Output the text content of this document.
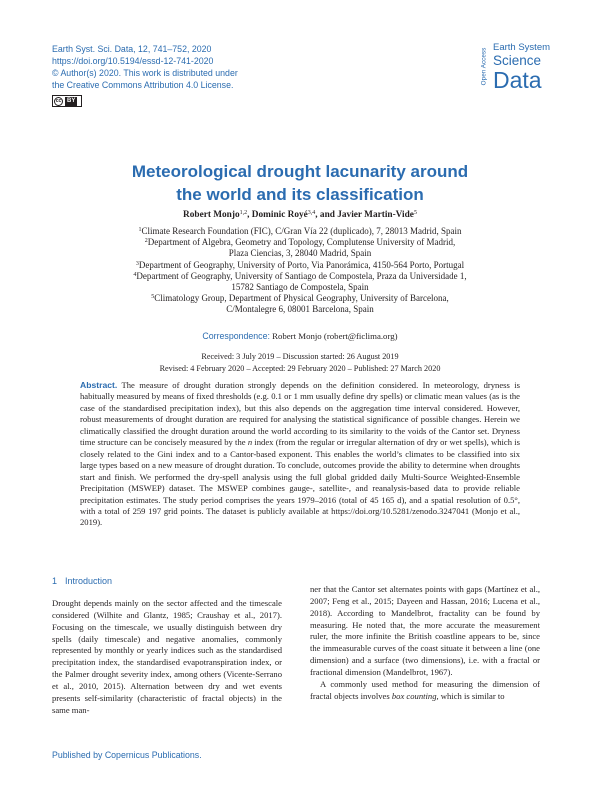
Earth Syst. Sci. Data, 12, 741–752, 2020
https://doi.org/10.5194/essd-12-741-2020
© Author(s) 2020. This work is distributed under
the Creative Commons Attribution 4.0 License.
cc BY
Open Access Earth System
Science
Data
Meteorological drought lacunarity around
the world and its classification
Robert Monjo$^{1,2}$, Dominic Royé$^{3,4}$, and Javier Martin-Vide$^5$
$^1$Climate Research Foundation (FIC), C/Gran Vía 22 (duplicado), 7, 28013 Madrid, Spain
$^2$Department of Algebra, Geometry and Topology, Complutense University of Madrid,
Plaza Ciencias, 3, 28040 Madrid, Spain
$^3$Department of Geography, University of Porto, Via Panorámica, 4150-564 Porto, Portugal
$^4$Department of Geography, University of Santiago de Compostela, Praza da Universidade 1,
15782 Santiago de Compostela, Spain
$^5$Climatology Group, Department of Physical Geography, University of Barcelona,
C/Montalegre 6, 08001 Barcelona, Spain
Correspondence: Robert Monjo (robert@ficlima.org)
Received: 3 July 2019 – Discussion started: 26 August 2019
Revised: 4 February 2020 – Accepted: 29 February 2020 – Published: 27 March 2020
Abstract. The measure of drought duration strongly depends on the definition considered. In meteorology, dryness is habitually measured by means of fixed thresholds (e.g. 0.1 or 1 mm usually define dry spells) or climatic mean values (as is the case of the standardised precipitation index), but this also depends on the aggregation time interval considered. However, robust measurements of drought duration are required for analysing the statistical significance of possible changes. Herein we climatically classified the drought duration around the world according to its similarity to the voids of the Cantor set. Dryness time structure can be concisely measured by the n index (from the regular or irregular alternation of dry or wet spells), which is closely related to the Gini index and to a Cantor-based exponent. This enables the world’s climates to be classified into six large types based on a new measure of drought duration. To conclude, outcomes provide the ability to determine when droughts start and finish. We performed the dry-spell analysis using the full global gridded daily Multi-Source Weighted-Ensemble Precipitation (MSWEP) dataset. The MSWEP combines gauge-, satellite-, and reanalysis-based data to provide reliable precipitation estimates. The study period comprises the years 1979–2016 (total of 45 165 d), and a spatial resolution of 0.5°, with a total of 259 197 grid points. The dataset is publicly available at https://doi.org/10.5281/zenodo.3247041 (Monjo et al., 2019).
1 Introduction

Drought depends mainly on the sector affected and the timescale considered (Wilhite and Glantz, 1985; Craushay et al., 2017). Focusing on the timescale, we usually distinguish between dry spells (daily timescale) and negative anomalies, commonly represented by monthly or yearly indices such as the standardised precipitation index, the standardised evapotranspiration index, or the Palmer drought severity index, among others (Vicente-Serrano et al., 2010, 2015). Alternation between dry and wet events presents self-similarity (characteristic of fractal objects) in the same man-

ner that the Cantor set alternates points with gaps (Martínez et al., 2007; Feng et al., 2015; Dayeen and Hassan, 2016; Lucena et al., 2018). According to Mandelbrot, fractality can be found by measuring. He noted that, the more accurate the measurement ruler, the more infinite the British coastline appears to be, since the immeasurable curves of the coast situate it between a line (one dimension) and a surface (two dimensions), i.e. with a fractal or fractional dimension (Mandelbrot, 1967).

A commonly used method for measuring the dimension of fractal objects involves box counting, which is similar to

Published by Copernicus Publications.
